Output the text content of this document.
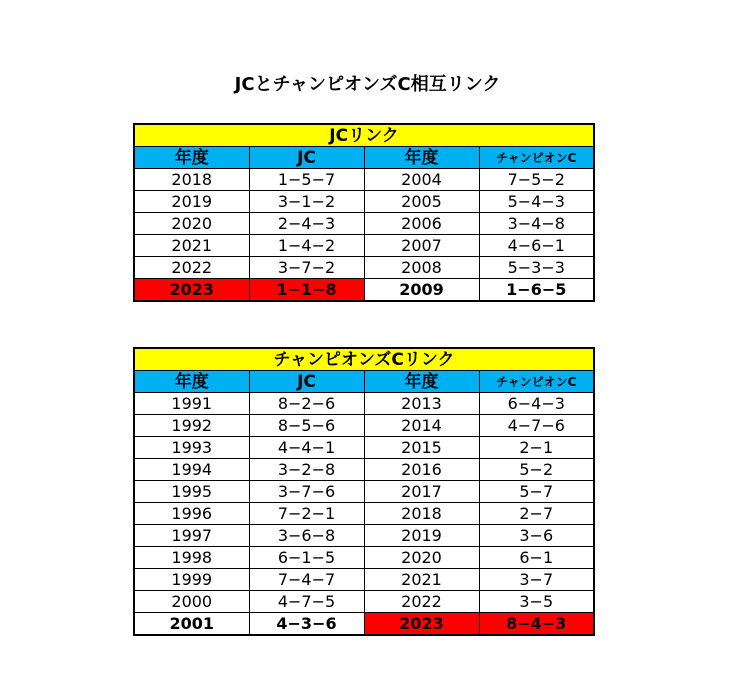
JCとチャンピオンズC相互リンク
JCリンク			
年度	JC	年度	チャンピオンC
2018	1−5−7	2004	7−5−2
2019	3−1−2	2005	5−4−3
2020	2−4−3	2006	3−4−8
2021	1−4−2	2007	4−6−1
2022	3−7−2	2008	5−3−3
2023	1−1−8	2009	1−6−5
チャンピオンズCリンク			
年度	JC	年度	チャンピオンC
1991	8−2−6	2013	6−4−3
1992	8−5−6	2014	4−7−6
1993	4−4−1	2015	2−1
1994	3−2−8	2016	5−2
1995	3−7−6	2017	5−7
1996	7−2−1	2018	2−7
1997	3−6−8	2019	3−6
1998	6−1−5	2020	6−1
1999	7−4−7	2021	3−7
2000	4−7−5	2022	3−5
2001	4−3−6	2023	8−4−3
